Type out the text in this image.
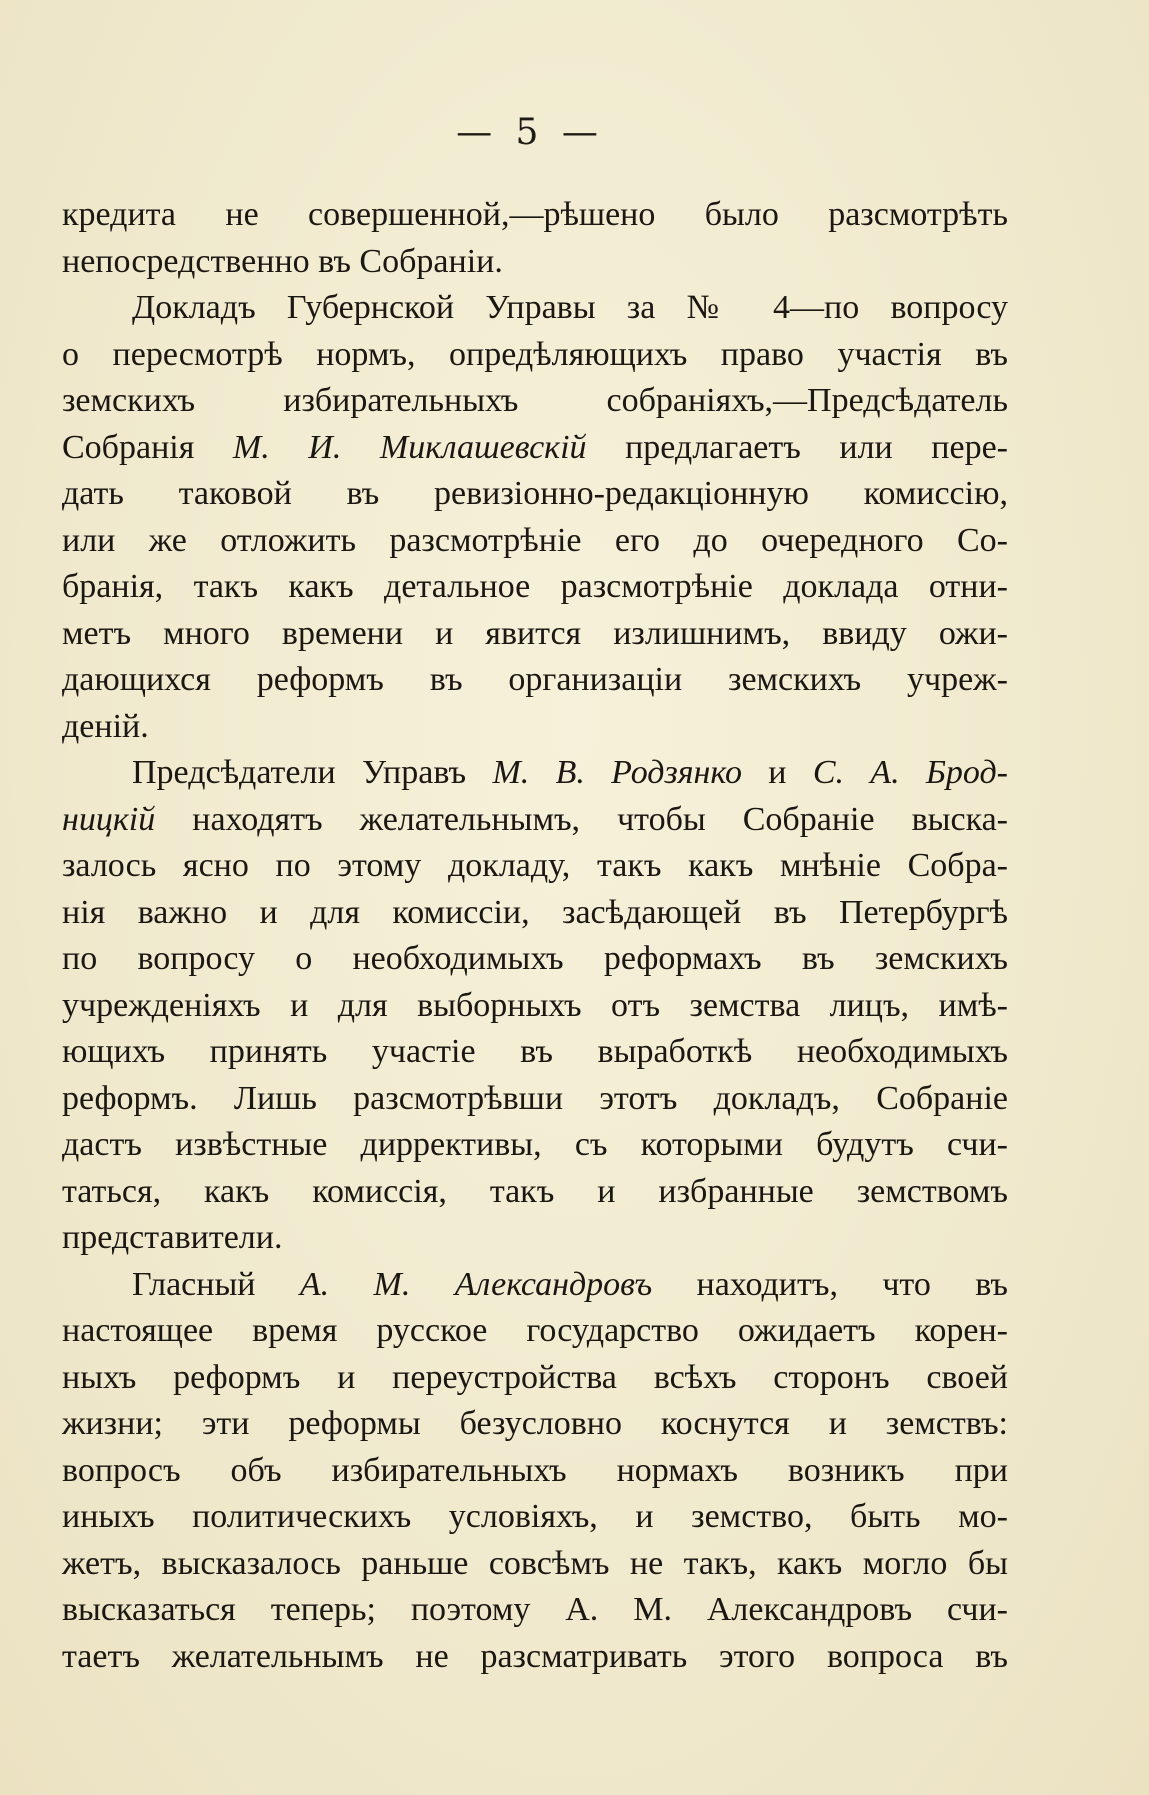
— 5 —
кредита не совершенной,—рѣшено было разсмотрѣть
непосредственно въ Собраніи.
Докладъ Губернской Управы за № 4—по вопросу
о пересмотрѣ нормъ, опредѣляющихъ право участія въ
земскихъ избирательныхъ собраніяхъ,—Предсѣдатель
Собранія М. И. Миклашевскій предлагаетъ или пере-
дать таковой въ ревизіонно-редакціонную комиссію,
или же отложить разсмотрѣніе его до очередного Со-
бранія, такъ какъ детальное разсмотрѣніе доклада отни-
метъ много времени и явится излишнимъ, ввиду ожи-
дающихся реформъ въ организаціи земскихъ учреж-
деній.
Предсѣдатели Управъ М. В. Родзянко и С. А. Брод-
ницкій находятъ желательнымъ, чтобы Собраніе выска-
залось ясно по этому докладу, такъ какъ мнѣніе Собра-
нія важно и для комиссіи, засѣдающей въ Петербургѣ
по вопросу о необходимыхъ реформахъ въ земскихъ
учрежденіяхъ и для выборныхъ отъ земства лицъ, имѣ-
ющихъ принять участіе въ выработкѣ необходимыхъ
реформъ. Лишь разсмотрѣвши этотъ докладъ, Собраніе
дастъ извѣстные диррективы, съ которыми будутъ счи-
таться, какъ комиссія, такъ и избранные земствомъ
представители.
Гласный А. М. Александровъ находитъ, что въ
настоящее время русское государство ожидаетъ корен-
ныхъ реформъ и переустройства всѣхъ сторонъ своей
жизни; эти реформы безусловно коснутся и земствъ:
вопросъ объ избирательныхъ нормахъ возникъ при
иныхъ политическихъ условіяхъ, и земство, быть мо-
жетъ, высказалось раньше совсѣмъ не такъ, какъ могло бы
высказаться теперь; поэтому А. М. Александровъ счи-
таетъ желательнымъ не разсматривать этого вопроса въ
